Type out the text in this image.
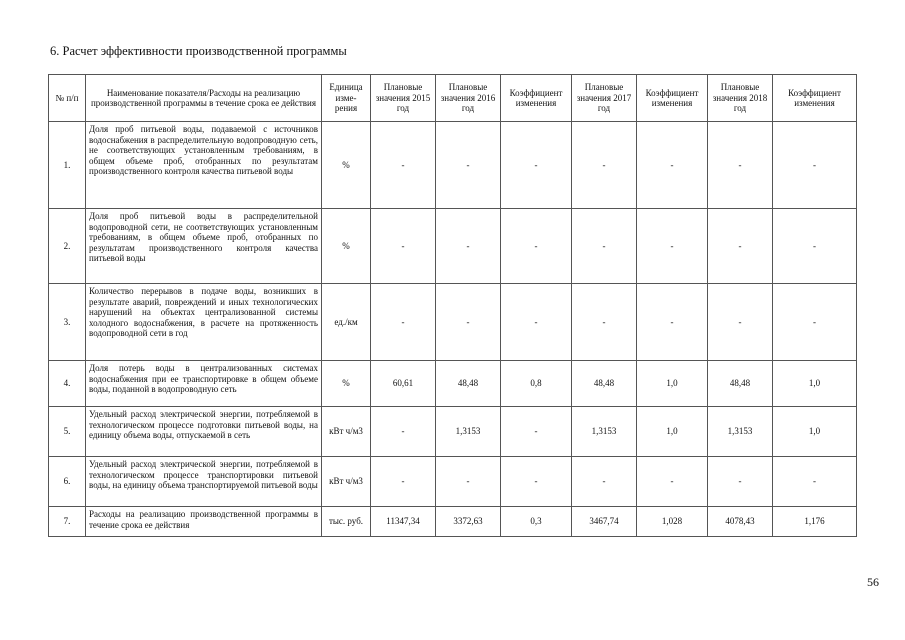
6. Расчет эффективности производственной программы
№ п/п	Наименование показателя/Расходы на реализацию производственной программы в течение срока ее действия	Единица изме-рения	Плановые значения 2015 год	Плановые значения 2016 год	Коэффициент изменения	Плановые значения 2017 год	Коэффициент изменения	Плановые значения 2018 год	Коэффициент изменения
1.	Доля проб питьевой воды, подаваемой с источников водоснабжения в распределительную водопроводную сеть, не соответствующих установленным требованиям, в общем объеме проб, отобранных по результатам производственного контроля качества питьевой воды	%	-	-	-	-	-	-	-
2.	Доля проб питьевой воды в распределительной водопроводной сети, не соответствующих установленным требованиям, в общем объеме проб, отобранных по результатам производственного контроля качества питьевой воды	%	-	-	-	-	-	-	-
3.	Количество перерывов в подаче воды, возникших в результате аварий, повреждений и иных технологических нарушений на объектах централизованной системы холодного водоснабжения, в расчете на протяженность водопроводной сети в год	ед./км	-	-	-	-	-	-	-
4.	Доля потерь воды в централизованных системах водоснабжения при ее транспортировке в общем объеме воды, поданной в водопроводную сеть	%	60,61	48,48	0,8	48,48	1,0	48,48	1,0
5.	Удельный расход электрической энергии, потребляемой в технологическом процессе подготовки питьевой воды, на единицу объема воды, отпускаемой в сеть	кВт ч/м3	-	1,3153	-	1,3153	1,0	1,3153	1,0
6.	Удельный расход электрической энергии, потребляемой в технологическом процессе транспортировки питьевой воды, на единицу объема транспортируемой питьевой воды	кВт ч/м3	-	-	-	-	-	-	-
7.	Расходы на реализацию производственной программы в течение срока ее действия	тыс. руб.	11347,34	3372,63	0,3	3467,74	1,028	4078,43	1,176
56
